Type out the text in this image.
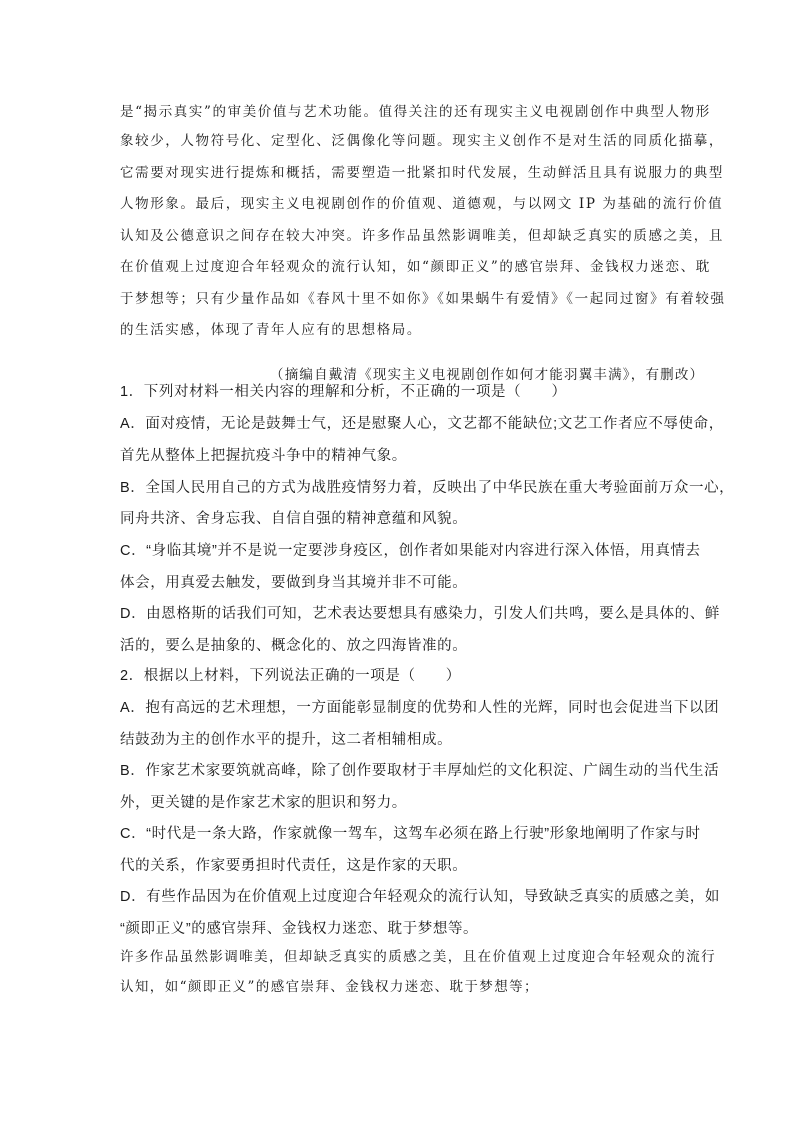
是“揭示真实”的审美价值与艺术功能。值得关注的还有现实主义电视剧创作中典型人物形

象较少，人物符号化、定型化、泛偶像化等问题。现实主义创作不是对生活的同质化描摹，

它需要对现实进行提炼和概括，需要塑造一批紧扣时代发展，生动鲜活且具有说服力的典型

人物形象。最后，现实主义电视剧创作的价值观、道德观，与以网文 IP 为基础的流行价值

认知及公德意识之间存在较大冲突。许多作品虽然影调唯美，但却缺乏真实的质感之美，且

在价值观上过度迎合年轻观众的流行认知，如“颜即正义”的感官崇拜、金钱权力迷恋、耽

于梦想等；只有少量作品如《春风十里不如你》《如果蜗牛有爱情》《一起同过窗》有着较强

的生活实感，体现了青年人应有的思想格局。

（摘编自戴清《现实主义电视剧创作如何才能羽翼丰满》，有删改）

1．下列对材料一相关内容的理解和分析，不正确的一项是（　　）

A．面对疫情，无论是鼓舞士气，还是慰聚人心，文艺都不能缺位;文艺工作者应不辱使命，

首先从整体上把握抗疫斗争中的精神气象。

B．全国人民用自己的方式为战胜疫情努力着，反映出了中华民族在重大考验面前万众一心，

同舟共济、舍身忘我、自信自强的精神意蕴和风貌。

C．“身临其境”并不是说一定要涉身疫区，创作者如果能对内容进行深入体悟，用真情去

体会，用真爱去触发，要做到身当其境并非不可能。

D．由恩格斯的话我们可知，艺术表达要想具有感染力，引发人们共鸣，要么是具体的、鲜

活的，要么是抽象的、概念化的、放之四海皆准的。

2．根据以上材料，下列说法正确的一项是（　　）

A．抱有高远的艺术理想，一方面能彰显制度的优势和人性的光辉，同时也会促进当下以团

结鼓劲为主的创作水平的提升，这二者相辅相成。

B．作家艺术家要筑就高峰，除了创作要取材于丰厚灿烂的文化积淀、广阔生动的当代生活

外，更关键的是作家艺术家的胆识和努力。

C．“时代是一条大路，作家就像一驾车，这驾车必须在路上行驶”形象地阐明了作家与时

代的关系，作家要勇担时代责任，这是作家的天职。

D．有些作品因为在价值观上过度迎合年轻观众的流行认知，导致缺乏真实的质感之美，如

“颜即正义”的感官崇拜、金钱权力迷恋、耽于梦想等。

许多作品虽然影调唯美，但却缺乏真实的质感之美，且在价值观上过度迎合年轻观众的流行

认知，如“颜即正义”的感官崇拜、金钱权力迷恋、耽于梦想等；
